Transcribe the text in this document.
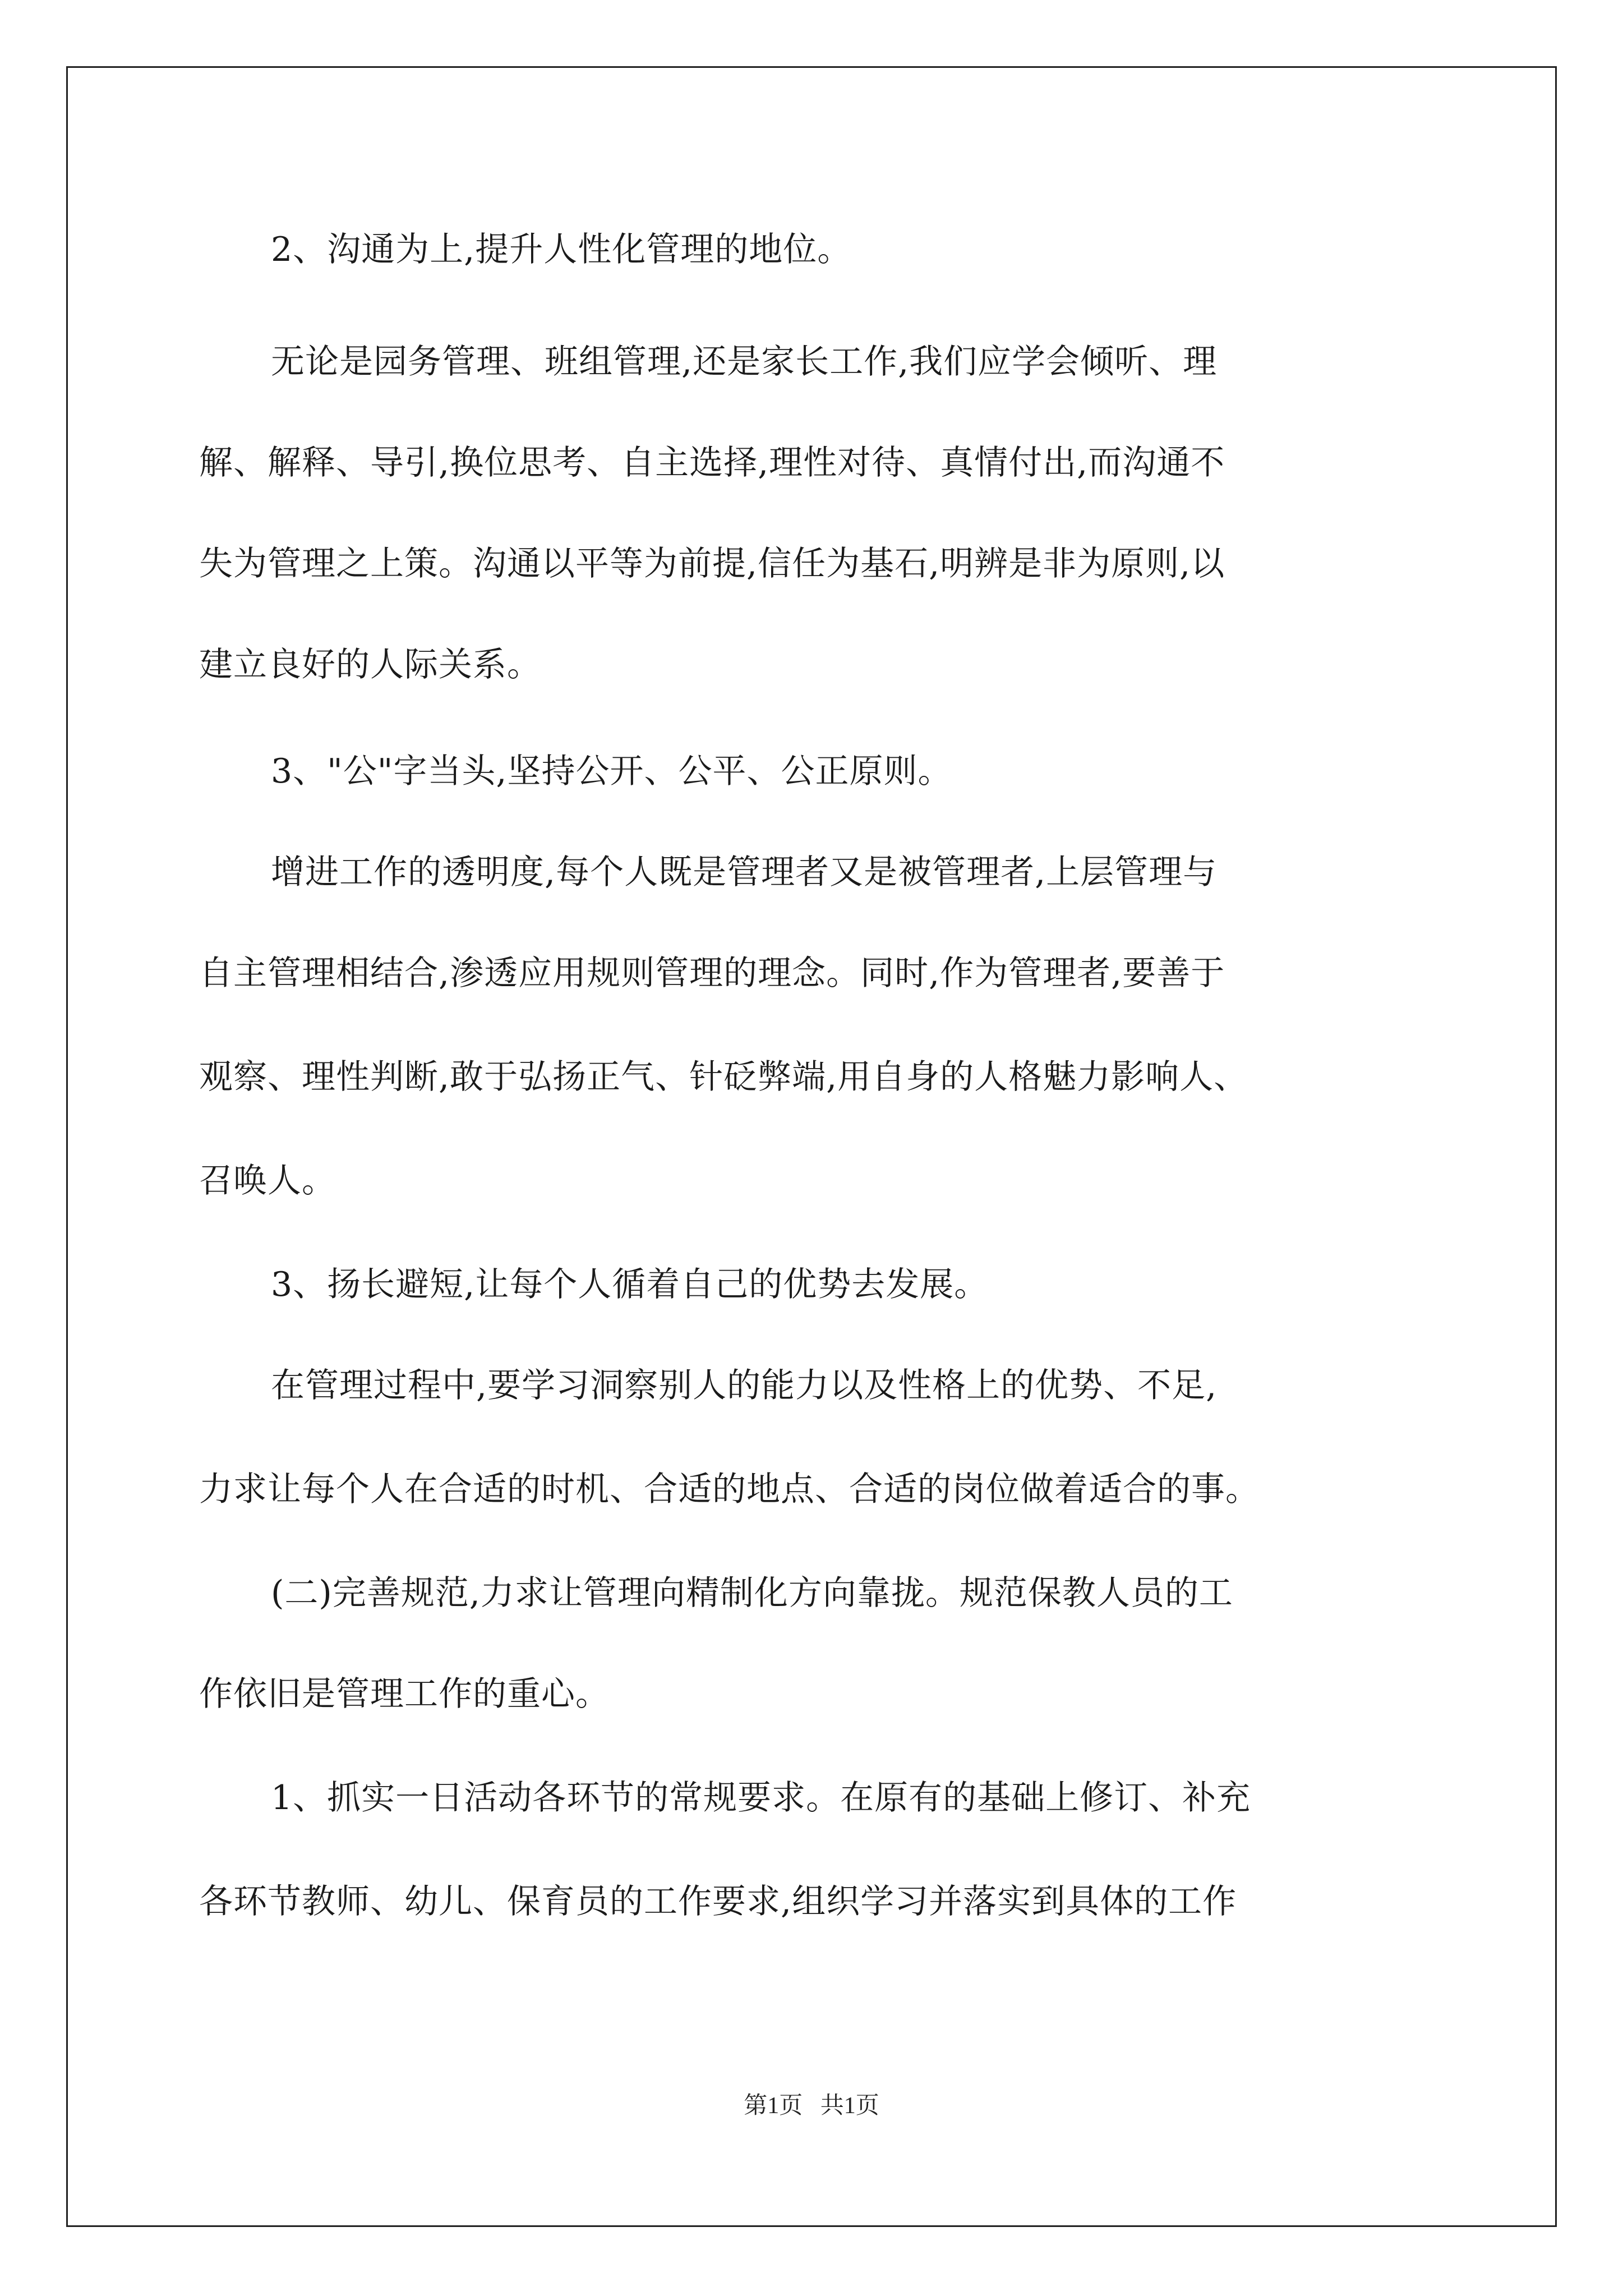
2、沟通为上,提升人性化管理的地位。
无论是园务管理、班组管理,还是家长工作,我们应学会倾听、理
解、解释、导引,换位思考、自主选择,理性对待、真情付出,而沟通不
失为管理之上策。沟通以平等为前提,信任为基石,明辨是非为原则,以
建立良好的人际关系。
3、"公"字当头,坚持公开、公平、公正原则。
增进工作的透明度,每个人既是管理者又是被管理者,上层管理与
自主管理相结合,渗透应用规则管理的理念。同时,作为管理者,要善于
观察、理性判断,敢于弘扬正气、针砭弊端,用自身的人格魅力影响人、
召唤人。
3、扬长避短,让每个人循着自己的优势去发展。
在管理过程中,要学习洞察别人的能力以及性格上的优势、不足,
力求让每个人在合适的时机、合适的地点、合适的岗位做着适合的事。
(二)完善规范,力求让管理向精制化方向靠拢。规范保教人员的工
作依旧是管理工作的重心。
1、抓实一日活动各环节的常规要求。在原有的基础上修订、补充
各环节教师、幼儿、保育员的工作要求,组织学习并落实到具体的工作
第1页   共1页
